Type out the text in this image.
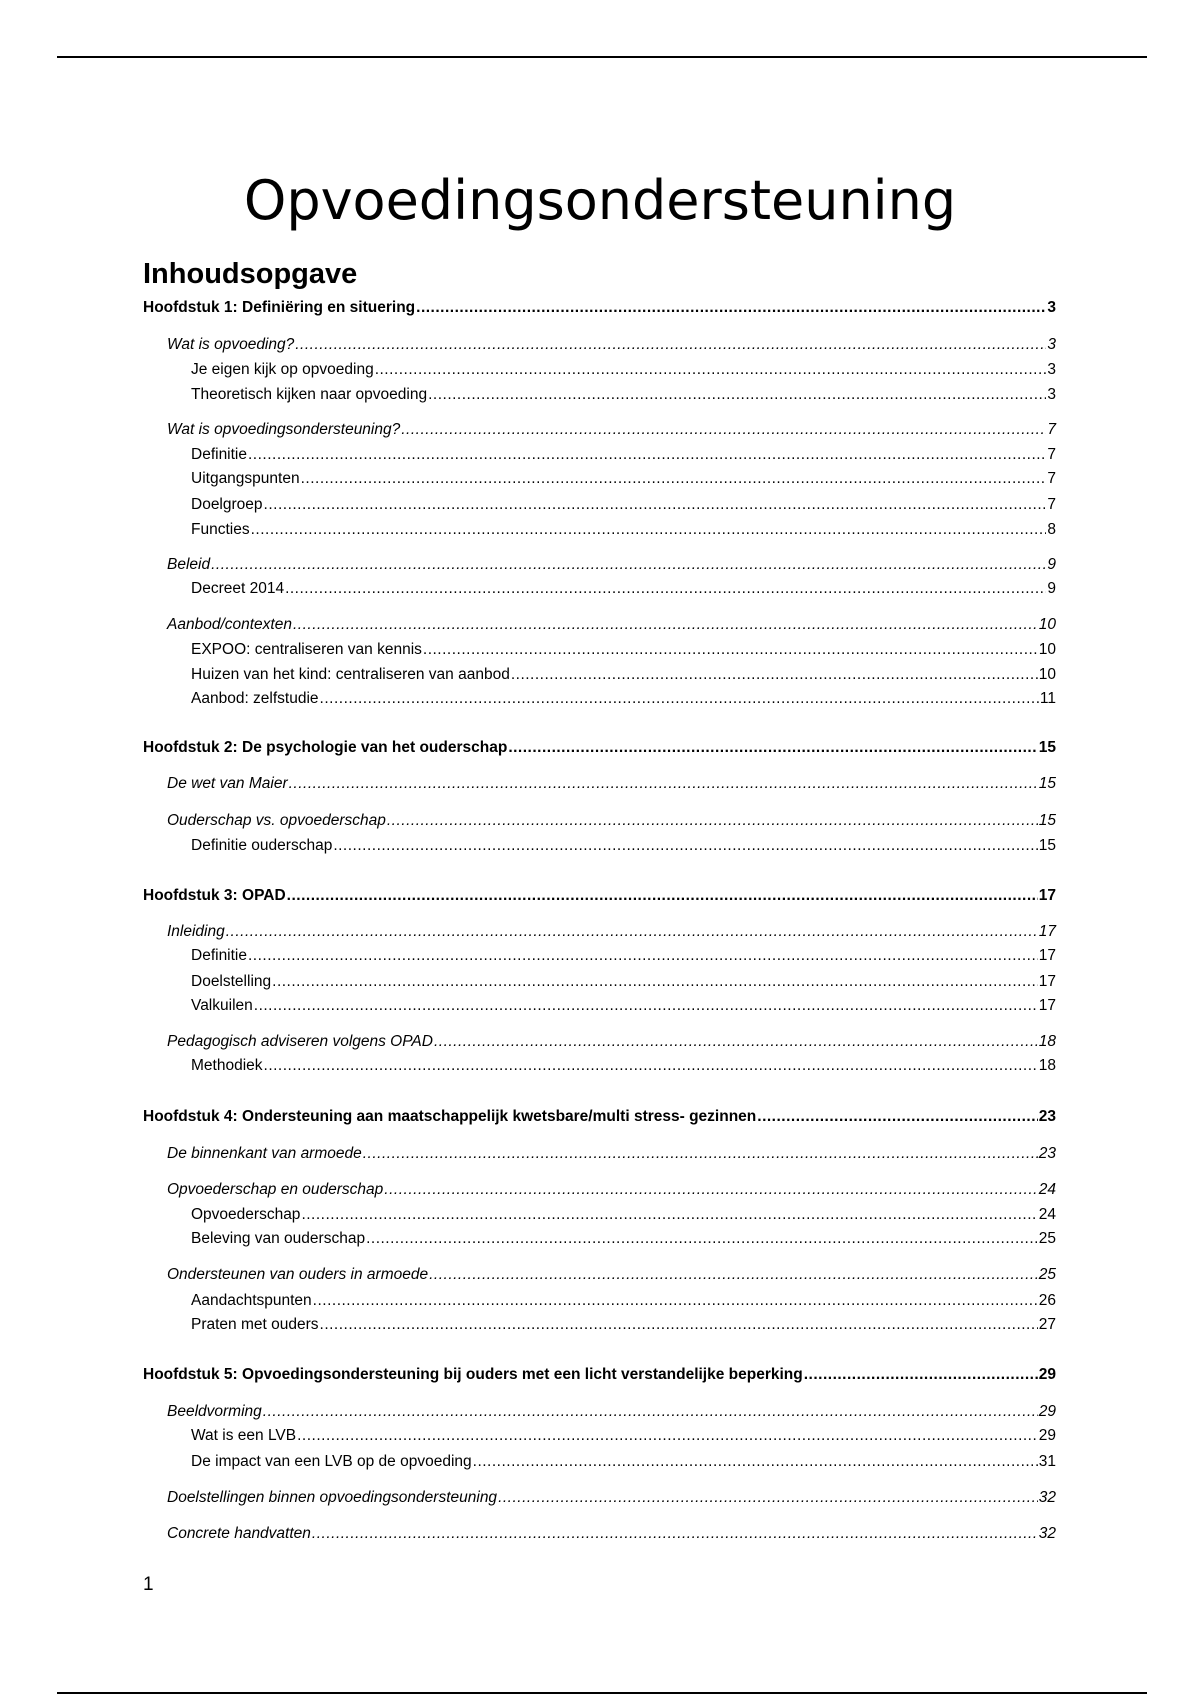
Opvoedingsondersteuning
Inhoudsopgave
Hoofdstuk 1: Definiëring en situering .....	3
Wat is opvoeding? .....	3
Je eigen kijk op opvoeding .....	3
Theoretisch kijken naar opvoeding .....	3
Wat is opvoedingsondersteuning? .....	7
Definitie .....	7
Uitgangspunten .....	7
Doelgroep .....	7
Functies .....	8
Beleid .....	9
Decreet 2014 .....	9
Aanbod/contexten .....	10
EXPOO: centraliseren van kennis .....	10
Huizen van het kind: centraliseren van aanbod .....	10
Aanbod: zelfstudie .....	11
Hoofdstuk 2: De psychologie van het ouderschap .....	15
De wet van Maier .....	15
Ouderschap vs. opvoederschap .....	15
Definitie ouderschap .....	15
Hoofdstuk 3: OPAD .....	17
Inleiding .....	17
Definitie .....	17
Doelstelling .....	17
Valkuilen .....	17
Pedagogisch adviseren volgens OPAD .....	18
Methodiek .....	18
Hoofdstuk 4: Ondersteuning aan maatschappelijk kwetsbare/multi stress- gezinnen .....	23
De binnenkant van armoede .....	23
Opvoederschap en ouderschap .....	24
Opvoederschap .....	24
Beleving van ouderschap .....	25
Ondersteunen van ouders in armoede .....	25
Aandachtspunten .....	26
Praten met ouders .....	27
Hoofdstuk 5: Opvoedingsondersteuning bij ouders met een licht verstandelijke beperking .....	29
Beeldvorming .....	29
Wat is een LVB .....	29
De impact van een LVB op de opvoeding .....	31
Doelstellingen binnen opvoedingsondersteuning .....	32
Concrete handvatten .....	32
1
